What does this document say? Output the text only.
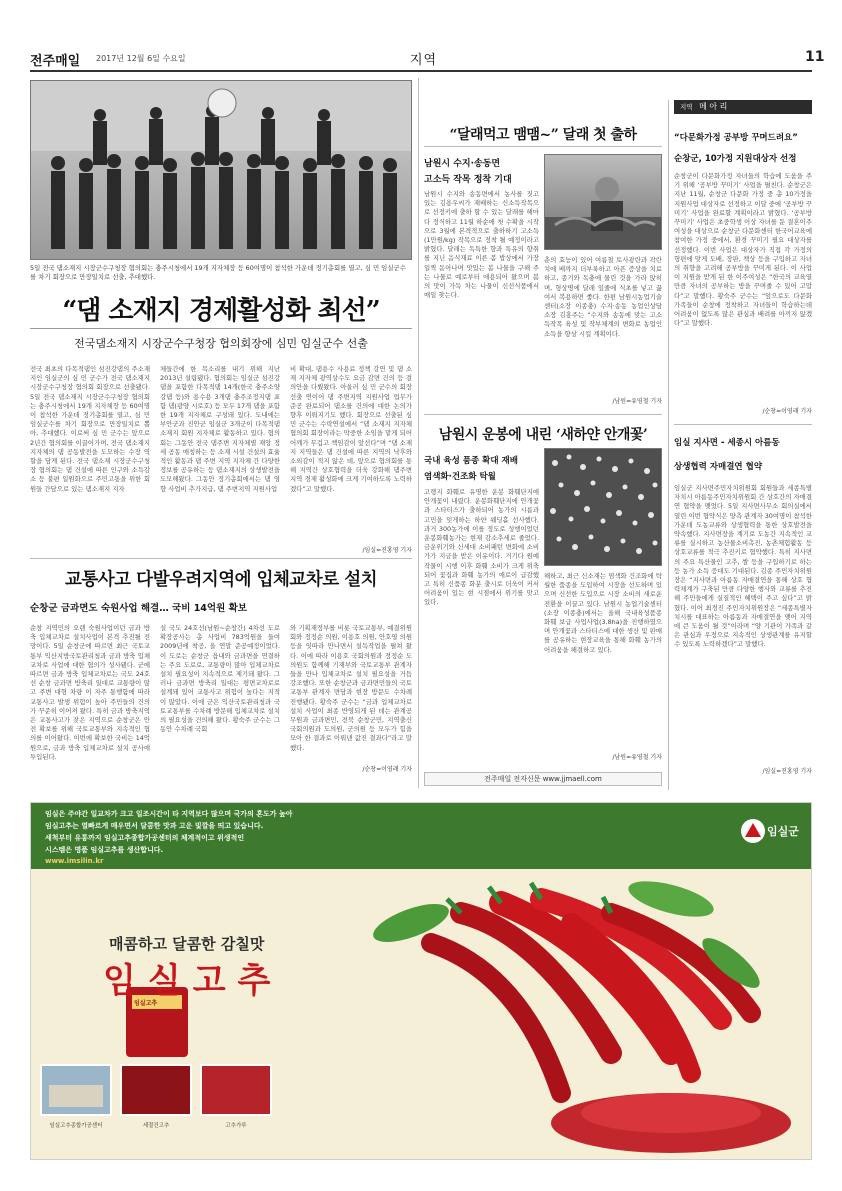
전주매일 2017년 12월 6일 수요일	지역	11
5일 전국 댐소재지 시장군수구청장 협의회는 충주시청에서 19개 지자체장 등 60여명이 참석한 가운데 정기총회를 열고, 심 민 임실군수를 차기 회장으로 만장일치로 선출, 추대했다.
“댐 소재지 경제활성화 최선”
전국댐소재지 시장군수구청장 협의회장에 심민 임실군수 선출
전국 최초의 다목적댐인 섬진강댐의 주소재지인 임실군의 심 민 군수가 전국 댐소재지 시장군수구청장 협의회 회장으로 선출됐다. 5일 전국 댐소재지 시장군수구청장 협의회는 충주시청에서 19개 지자체장 등 60여명이 참석한 가운데 정기총회를 열고, 심 민 임실군수를 차기 회장으로 만장일치로 뽑아, 추대했다. 이로써 심 민 군수는 앞으로 2년간 협의회를 이끌어가며, 전국 댐소재지 지자체의 댐 공동발전을 도모하는 수장 역할을 담게 된다. 전국 댐소재 시장군수구청장 협의회는 댐 건설에 따른 인구와 소득감소 등 불편 일원화으로 주민고통을 위한 회원들 간담으로 있는 댐소재지 지자
체들간에 한 목소리를 내기 위해 지난 2013년 설립됐다. 협의회는 임실군 섬진강댐을 포함한 다목적댐 14개(한국 충주소양강댐 등)와 용수용 3개댐 충주조정지댐 포함 댐(광양 시로호) 등 모두 17개 댐을 포함한 19개 지자체로 구성돼 있다. 도내에는 부안군과 진안군 임실군 3개군이 다목적댐 소재지 회원 지자체로 활동하고 있다. 협의회는 그동안 전국 댐주변 지자체별 재앙 정세 공동 매칭하는 등 소재 시설 건설의 효율적인 활동과 댐 주변 지역 지자체 간 다양한 정보를 공유하는 등 댐소재지의 상생발전을 도모해왔다. 그동안 정기총회에서는 댐 영향 사업비 추가지급, 댐 주변지역 지원사업
비 확대, 댐용수 사용료 정책 강연 및 댐 소재 지자체 광역상수도 요금 감면 건의 등 결의안을 다뤘왔다. 아울러 심 민 군수의 회장선출 연이어 댐 주변지역 지원사업 업무가 준공 완료되어 댐소를 건의에 대한 논의가 향후 이뤄지기도 했다. 회장으로 선출된 심 민 군수는 수락연설에서 “댐 소재지 지자체 협의회 회장이라는 막중한 소임을 맡게 되어 어깨가 무겁고 책임감이 앞선다”며 “댐 소재지 지역들은 댐 건설에 따른 지역의 낙후와 소외감이 적지 않은 데, 앞으로 협의회를 통해 지역간 상호협력을 더욱 강화해 댐주변 지역 경제 활성화에 크게 기여하도록 노력하겠다”고 말했다.
/임실=진홍영 기자
교통사고 다발우려지역에 입체교차로 설치
순창군 금과면도 숙원사업 해결… 국비 14억원 확보
순창 지역민의 오랜 숙원사업이던 금과 방축 입체교차로 설치사업이 본격 추진될 전망이다. 5일 순창군에 따르면 최근 국토교통부 익산지방국토관리청과 금과 방축 입체교차로 사업에 대한 협의가 성사됐다. 군에 따르면 금과 방축 입체교차로는 국도 24호선 순창 금과면 방축리 일대로 교통량이 많고 주변 대형 차량 이 자주 통행함에 따라 교통사고 발생 위험이 높아 주민들의 건의가 꾸준히 이어져 왔다. 특히 금과 방축지역은 교통사고가 잦은 지역으로 순창군은 안전 확보를 위해 국토교통부와 지속적인 협의를 이어왔다. 이번에 확보한 국비는 14억원으로, 금과 방축 입체교차로 설치 공사에 투입된다.
설 국도 24호선(남원~순창간) 4차선 도로확장공사는 총 사업비 783억원을 들여 2009년에 착공, 올 연말 준공예정이었다. 이 도로는 순창군 읍내와 금과면을 연결하는 주요 도로로, 교통량이 많아 입체교차로 설치 필요성이 지속적으로 제기돼 왔다. 그러나 금과면 방축리 일대는 평면교차로로 설계돼 있어 교통사고 위험이 높다는 지적이 많았다. 이에 군은 익산국토관리청과 국토교통부를 수차례 방문해 입체교차로 설치의 필요성을 건의해 왔다. 황숙주 군수는 그동안 수차례 국회
와 기획재정부를 비롯 국토교통부, 예결위원회와 정정순 의원, 이용호 의원, 안호영 의원 등을 잇따라 만나면서 설득작업을 펼쳐 왔다. 이에 따라 이용호 국회의원과 정정순 도의원도 함께해 기재부와 국토교통부 관계자들을 만나 입체교차로 설치 필요성을 거듭 강조했다. 또한 순창군과 금과면민들의 국토교통부 관계자 면담과 현장 방문도 수차례 진행됐다. 황숙주 군수는 “금과 입체교차로 설치 사업이 최종 반영되게 된 데는 관계공무원과 금과면민, 전북 순창군민, 지역출신 국회의원과 도의원, 군의원 등 모두가 힘을 모아 한 결과로 이뤄낸 값진 결과다”라고 말했다.
/순창=이영래 기자
“달래먹고 맴맴~” 달래 첫 출하
남원시 수지·송동면
고소득 작목 정착 기대
남원시 수지와 송동면에서 농사를 짓고 있는 김용우씨가 재배하는 신소득작목으로 선정키에 출하 할 수 있는 달래를 해마다 정식하고 11월 하순에 첫 수확을 시작으로 3월에 본격적으로 출하하기 고소득(1만원/kg) 작목으로 정착 될 예정이라고 밝혔다. 달래는 독특한 향과 특유의 향취를 지닌 음식재료 이른 봄 밥상에서 가장 일찍 돋아나며 맛있는 봄 나물을 구해 주는 나물로 예로부터 애용되어 왔으며 봄의 맛이 가득 차는 나물이 신선식품에서 매일 찾는다.
춘의 효능이 있어 여름철 토사광란과 곽란치에 배까지 더부룩하고 아픈 증상을 치료하고, 종기와 독충에 물린 것을 가라 앉히며, 형상병에 달래 잎줄에 식초를 넣고 끓여서 복용하면 좋다. 한편 남원시농업기술센터(소장 이종충) 수지·송동 농업인상담소장 김홍주는 “수지와 송동에 맞는 고소득작목 육성 및 작부체계의 변화로 농업인 소득을 향상 시킬 계획이다.
/남원=유영철 기자
남원시 운봉에 내린 ‘새하얀 안개꽃’
국내 육성 품종 확대 재배
염색화·건조화 탁월
고랭지 화훼로 유명한 운봉 화훼단지에 안개꽃이 내렸다. 운봉화훼단지에 안개꽃과 스타티스가 출하되어 농가의 시름과 고민을 잊게하는 하얀 웨딩홀 선사했다. 과거 300농가에 이를 정도로 성행이었던 운봉화훼농가는 현재 감소추세로 줄었다. 금운위기와 신세대 소비패턴 변화에 소비가가 지금을 받은 이유이다. 거기다 원예작물이 시행 이후 화훼 소비가 크게 위축되어 꽃집과 화훼 농가의 애로이 급감했고 특히 신품종 화분 출시로 더욱이 커서 어려움이 있는 현 시점에서 위기를 맞고 있다.
해하고, 최근 신소재는 염색화 건조화에 탁월한 품종을 도입하여 시장을 선도하며 있으며 신선한 도입으로 시장 소비의 새로운 전환을 이끌고 있다. 남원시 농업기술센터(소장 이종충)에서는 올해 국내육성품종 화훼 보급 사업사업(3.8ha)을 진행하였으며 안개꽃과 스타티스에 대한 생산 및 판매를 공유하는 현장교육을 통해 화훼 농가의 어려움을 해결하고 있다.
/남원=유영철 기자
전주매일 전자신문 www.jjmaell.com
지역 메 아 리
“다문화가정 공부방 꾸며드려요”
순창군, 10가정 지원대상자 선정
순창군이 다문화가정 자녀들의 학습에 도움을 주기 위해 ‘공부방 꾸미기’ 사업을 펼친다. 순창군은 지난 11월, 순창군 다문화 가정 중 총 10가정을 지원사업 대상자로 선정하고 이달 중에 ‘공부방 꾸미기’ 사업을 완료할 계획이라고 밝혔다. ‘공부방 꾸미기’ 사업은 초중학생 이상 자녀를 둔 결혼이주여성을 대상으로 순창군 다문화센터 한국어교육에 참여한 가정 중에서, 환경 꾸미기 필요 대상자를 선정했다. 이번 사업은 대상자가 직접 각 가정의 형편에 맞게 도배, 장판, 책상 등을 구입하고 자녀의 취향을 고려해 공부방을 꾸미게 된다. 이 사업이 지원을 받게 된 한 이주여성은 “한국의 교육열 만큼 자녀의 공부하는 방을 꾸며줄 수 있어 고맙다”고 말했다. 황숙주 군수는 “앞으로도 다문화 가족들이 순창에 정착하고 자녀들이 학습하는데 어려움이 없도록 많은 관심과 배려를 아끼지 않겠다”고 말했다.
/순창=이영래 기자
임실 지사면 - 세종시 아름동
상생협력 자매결연 협약
임실군 지사면주민자치위원회 회원들과 세종특별자치시 아름동주민자치위원회 간 상호간의 자매결연 협약을 맺었다. 5일 지사면사무소 회의실에서 열린 이번 협약식은 양측 관계자 30여명이 참석한 가운데 도농교류와 상생협력을 통한 상호발전을 약속했다. 지사면장을 계기로 도농간 지속적인 교류를 실시하고 농산물소비촉진, 농촌체험활동 등 상호교류를 적극 추진키로 협약했다. 특히 지사면의 주요 특산물인 고추, 쌀 등을 구입하기로 하는 등 농가 소득 증대도 기대된다. 김종 주민자치위원장은 “지사면과 아름동 자매결연을 통해 상호 협력체계가 구축된 만큼 다양한 행사와 교류를 추진해 주민들에게 실질적인 혜택이 주고 싶다”고 밝혔다. 이어 최경진 주민자치위원장은 “세종특별자치시를 대표하는 아름동과 자매결연을 맺어 지역에 큰 도움이 될 것”이라며 “양 기관이 가족과 같은 관심과 우정으로 지속적인 상생관계를 유지할 수 있도록 노력하겠다”고 말했다.
/임실=진홍영 기자
임실은 주야간 일교차가 크고 일조시간이 타 지역보다 많으며 국가의 혼도가 높아
임실고추는 열빠르게 매우면서 달콤한 맛과 고운 빛깔을 띄고 있습니다.
세척부터 유통까지 임실고추종합가공센터의 체계적이고 위생적인
시스템은 명품 임실고추를 생산합니다.
www.imsilin.kr
임실군
매콤하고 달콤한 감칠맛
임실고추
임실고추
임실고추종합가공센터	세절건고추	고추가루
